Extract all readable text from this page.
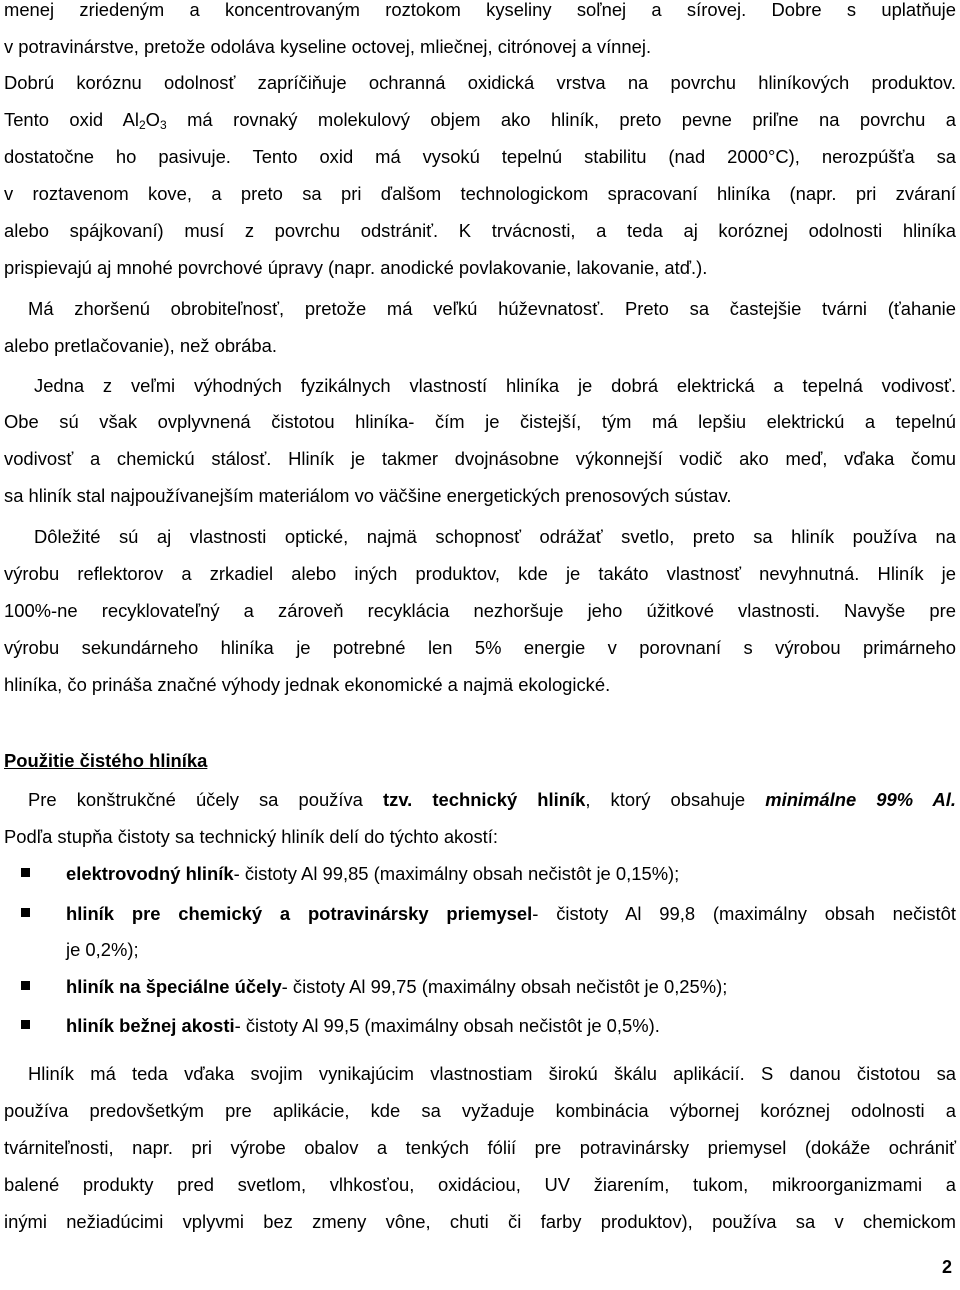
menej zriedeným a koncentrovaným roztokom kyseliny soľnej a sírovej. Dobre s uplatňuje
v potravinárstve, pretože odoláva kyseline octovej, mliečnej, citrónovej a vínnej.
Dobrú koróznu odolnosť zapríčiňuje ochranná oxidická vrstva na povrchu hliníkových produktov.
Tento oxid $Al_2O_3$ má rovnaký molekulový objem ako hliník, preto pevne priľne na povrchu a
dostatočne ho pasivuje. Tento oxid má vysokú tepelnú stabilitu (nad 2000°C), nerozpúšťa sa
v roztavenom kove, a preto sa pri ďalšom technologickom spracovaní hliníka (napr. pri zváraní
alebo spájkovaní) musí z povrchu odstrániť. K trvácnosti, a teda aj koróznej odolnosti hliníka
prispievajú aj mnohé povrchové úpravy (napr. anodické povlakovanie, lakovanie, atď.).
Má zhoršenú obrobiteľnosť, pretože má veľkú húževnatosť. Preto sa častejšie tvárni (ťahanie
alebo pretlačovanie), než obrába.
Jedna z veľmi výhodných fyzikálnych vlastností hliníka je dobrá elektrická a tepelná vodivosť.
Obe sú však ovplyvnená čistotou hliníka- čím je čistejší, tým má lepšiu elektrickú a tepelnú
vodivosť a chemickú stálosť. Hliník je takmer dvojnásobne výkonnejší vodič ako meď, vďaka čomu
sa hliník stal najpoužívanejším materiálom vo väčšine energetických prenosových sústav.
Dôležité sú aj vlastnosti optické, najmä schopnosť odrážať svetlo, preto sa hliník používa na
výrobu reflektorov a zrkadiel alebo iných produktov, kde je takáto vlastnosť nevyhnutná. Hliník je
100%-ne recyklovateľný a zároveň recyklácia nezhoršuje jeho úžitkové vlastnosti. Navyše pre
výrobu sekundárneho hliníka je potrebné len 5% energie v porovnaní s výrobou primárneho
hliníka, čo prináša značné výhody jednak ekonomické a najmä ekologické.
Použitie čistého hliníka
Pre konštrukčné účely sa používa tzv. technický hliník, ktorý obsahuje minimálne 99% Al.
Podľa stupňa čistoty sa technický hliník delí do týchto akostí:
elektrovodný hliník- čistoty Al 99,85 (maximálny obsah nečistôt je 0,15%);
hliník pre chemický a potravinársky priemysel- čistoty Al 99,8 (maximálny obsah nečistôt
je 0,2%);
hliník na špeciálne účely- čistoty Al 99,75 (maximálny obsah nečistôt je 0,25%);
hliník bežnej akosti- čistoty Al 99,5 (maximálny obsah nečistôt je 0,5%).
Hliník má teda vďaka svojim vynikajúcim vlastnostiam širokú škálu aplikácií. S danou čistotou sa
používa predovšetkým pre aplikácie, kde sa vyžaduje kombinácia výbornej koróznej odolnosti a
tvárniteľnosti, napr. pri výrobe obalov a tenkých fólií pre potravinársky priemysel (dokáže ochrániť
balené produkty pred svetlom, vlhkosťou, oxidáciou, UV žiarením, tukom, mikroorganizmami a
inými nežiadúcimi vplyvmi bez zmeny vône, chuti či farby produktov), používa sa v chemickom
2
